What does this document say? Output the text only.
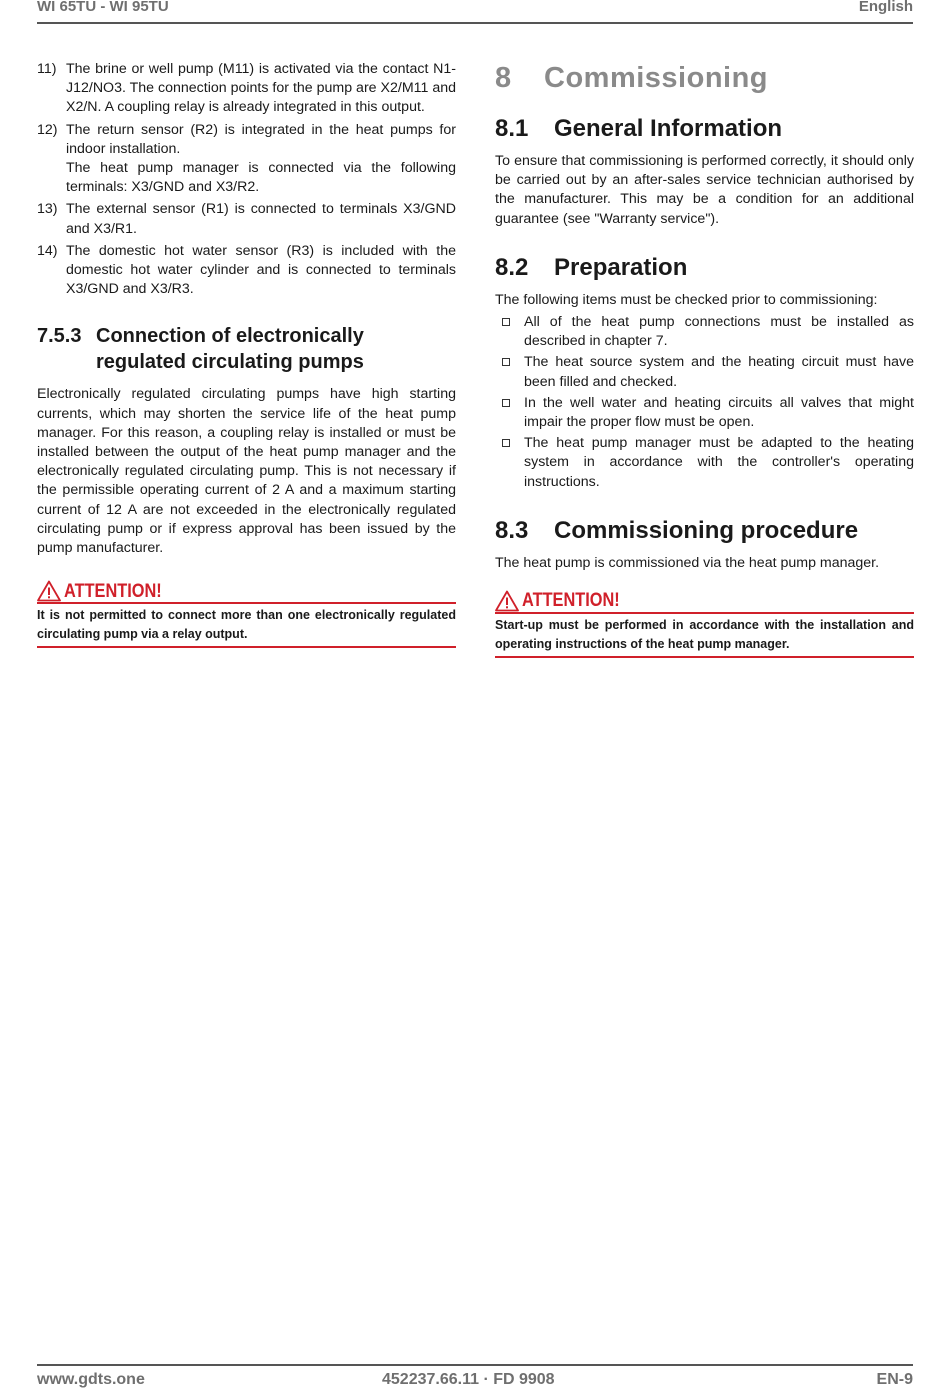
WI 65TU - WI 95TU	English
11) The brine or well pump (M11) is activated via the contact N1-J12/NO3. The connection points for the pump are X2/M11 and X2/N. A coupling relay is already integrated in this output.
12) The return sensor (R2) is integrated in the heat pumps for indoor installation.
The heat pump manager is connected via the following terminals: X3/GND and X3/R2.
13) The external sensor (R1) is connected to terminals X3/GND and X3/R1.
14) The domestic hot water sensor (R3) is included with the domestic hot water cylinder and is connected to terminals X3/GND and X3/R3.
7.5.3 Connection of electronically regulated circulating pumps

Electronically regulated circulating pumps have high starting currents, which may shorten the service life of the heat pump manager. For this reason, a coupling relay is installed or must be installed between the output of the heat pump manager and the electronically regulated circulating pump. This is not necessary if the permissible operating current of 2 A and a maximum starting current of 12 A are not exceeded in the electronically regulated circulating pump or if express approval has been issued by the pump manufacturer.

ATTENTION!
It is not permitted to connect more than one electronically regulated circulating pump via a relay output.
8	Commissioning
8.1	General Information

To ensure that commissioning is performed correctly, it should only be carried out by an after-sales service technician authorised by the manufacturer. This may be a condition for an additional guarantee (see "Warranty service").

8.2	Preparation

The following items must be checked prior to commissioning:

All of the heat pump connections must be installed as described in chapter 7.
The heat source system and the heating circuit must have been filled and checked.
In the well water and heating circuits all valves that might impair the proper flow must be open.
The heat pump manager must be adapted to the heating system in accordance with the controller's operating instructions.
8.3	Commissioning procedure

The heat pump is commissioned via the heat pump manager.

ATTENTION!
Start-up must be performed in accordance with the installation and operating instructions of the heat pump manager.
www.gdts.one	452237.66.11 · FD 9908	EN-9
